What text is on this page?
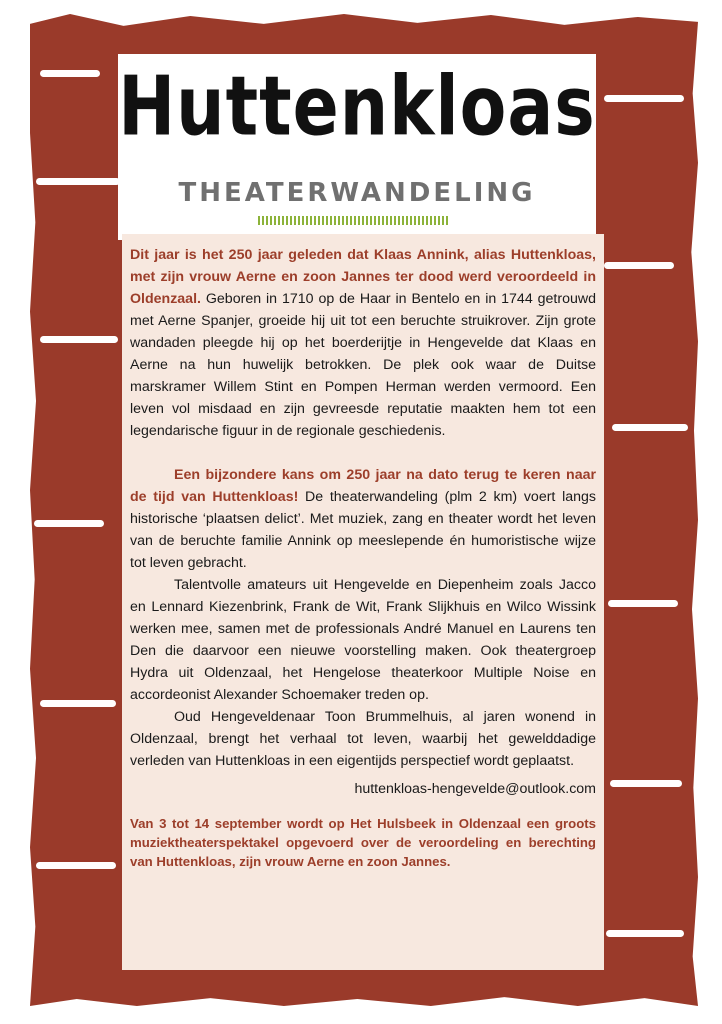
Huttenkloas
THEATERWANDELING

Dit jaar is het 250 jaar geleden dat Klaas Annink, alias Huttenkloas, met zijn vrouw Aerne en zoon Jannes ter dood werd veroordeeld in Oldenzaal. Geboren in 1710 op de Haar in Bentelo en in 1744 getrouwd met Aerne Spanjer, groeide hij uit tot een beruchte struikrover. Zijn grote wandaden pleegde hij op het boerderijtje in Hengevelde dat Klaas en Aerne na hun huwelijk betrokken. De plek ook waar de Duitse marskramer Willem Stint en Pompen Herman werden vermoord. Een leven vol misdaad en zijn gevreesde reputatie maakten hem tot een legendarische figuur in de regionale geschiedenis.

Een bijzondere kans om 250 jaar na dato terug te keren naar de tijd van Huttenkloas! De theaterwandeling (plm 2 km) voert langs historische ‘plaatsen delict’. Met muziek, zang en theater wordt het leven van de beruchte familie Annink op meeslepende én humoristische wijze tot leven gebracht.

Talentvolle amateurs uit Hengevelde en Diepenheim zoals Jacco en Lennard Kiezenbrink, Frank de Wit, Frank Slijkhuis en Wilco Wissink werken mee, samen met de professionals André Manuel en Laurens ten Den die daarvoor een nieuwe voorstelling maken. Ook theatergroep Hydra uit Oldenzaal, het Hengelose theaterkoor Multiple Noise en accordeonist Alexander Schoemaker treden op.

Oud Hengeveldenaar Toon Brummelhuis, al jaren wonend in Oldenzaal, brengt het verhaal tot leven, waarbij het gewelddadige verleden van Huttenkloas in een eigentijds perspectief wordt geplaatst.

huttenkloas-hengevelde@outlook.com

Van 3 tot 14 september wordt op Het Hulsbeek in Oldenzaal een groots muziektheaterspektakel opgevoerd over de veroordeling en berechting van Huttenkloas, zijn vrouw Aerne en zoon Jannes.
